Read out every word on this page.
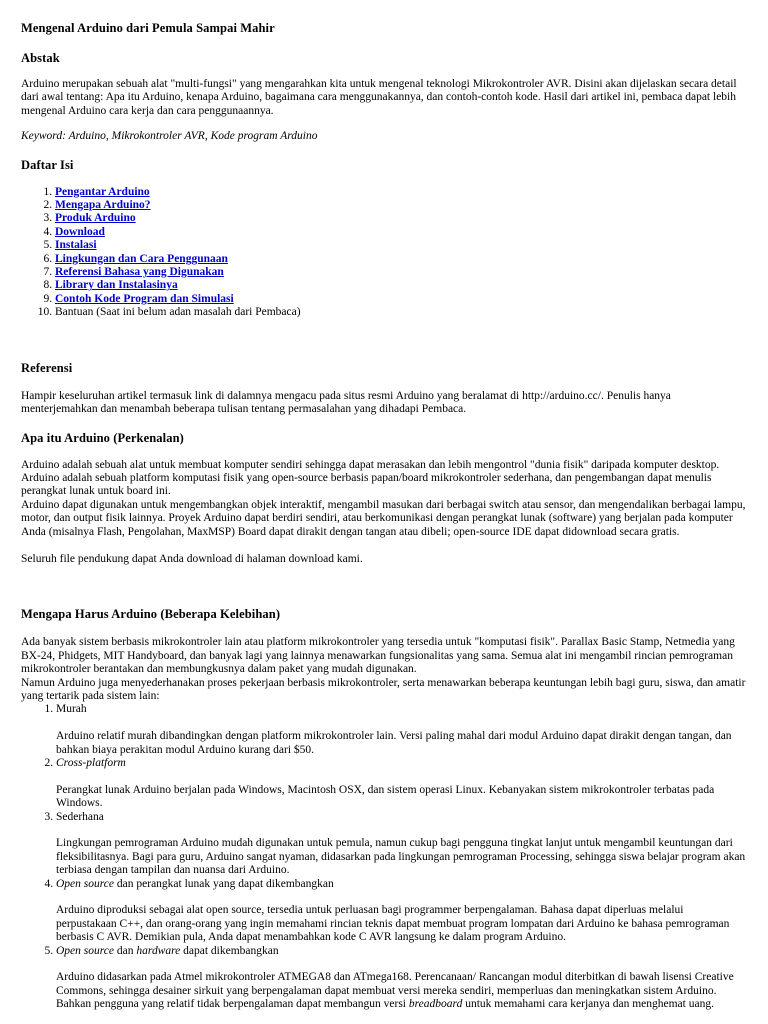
Mengenal Arduino dari Pemula Sampai Mahir
Abstak

Arduino merupakan sebuah alat "multi-fungsi" yang mengarahkan kita untuk mengenal teknologi Mikrokontroler AVR. Disini akan dijelaskan secara detail dari awal tentang: Apa itu Arduino, kenapa Arduino, bagaimana cara menggunakannya, dan contoh-contoh kode. Hasil dari artikel ini, pembaca dapat lebih mengenal Arduino cara kerja dan cara penggunaannya.

Keyword: Arduino, Mikrokontroler AVR, Kode program Arduino

Daftar Isi
1. Pengantar Arduino
2. Mengapa Arduino?
3. Produk Arduino
4. Download
5. Instalasi
6. Lingkungan dan Cara Penggunaan
7. Referensi Bahasa yang Digunakan
8. Library dan Instalasinya
9. Contoh Kode Program dan Simulasi
10. Bantuan (Saat ini belum adan masalah dari Pembaca)
Referensi

Hampir keseluruhan artikel termasuk link di dalamnya mengacu pada situs resmi Arduino yang beralamat di http://arduino.cc/. Penulis hanya menterjemahkan dan menambah beberapa tulisan tentang permasalahan yang dihadapi Pembaca.

Apa itu Arduino (Perkenalan)

Arduino adalah sebuah alat untuk membuat komputer sendiri sehingga dapat merasakan dan lebih mengontrol "dunia fisik" daripada komputer desktop. Arduino adalah sebuah platform komputasi fisik yang open-source berbasis papan/board mikrokontroler sederhana, dan pengembangan dapat menulis perangkat lunak untuk board ini.

Arduino dapat digunakan untuk mengembangkan objek interaktif, mengambil masukan dari berbagai switch atau sensor, dan mengendalikan berbagai lampu, motor, dan output fisik lainnya. Proyek Arduino dapat berdiri sendiri, atau berkomunikasi dengan perangkat lunak (software) yang berjalan pada komputer Anda (misalnya Flash, Pengolahan, MaxMSP) Board dapat dirakit dengan tangan atau dibeli; open-source IDE dapat didownload secara gratis.

Seluruh file pendukung dapat Anda download di halaman download kami.

Mengapa Harus Arduino (Beberapa Kelebihan)

Ada banyak sistem berbasis mikrokontroler lain atau platform mikrokontroler yang tersedia untuk "komputasi fisik". Parallax Basic Stamp, Netmedia yang BX-24, Phidgets, MIT Handyboard, dan banyak lagi yang lainnya menawarkan fungsionalitas yang sama. Semua alat ini mengambil rincian pemrograman mikrokontroler berantakan dan membungkusnya dalam paket yang mudah digunakan.

Namun Arduino juga menyederhanakan proses pekerjaan berbasis mikrokontroler, serta menawarkan beberapa keuntungan lebih bagi guru, siswa, dan amatir yang tertarik pada sistem lain:

1. Murah
Arduino relatif murah dibandingkan dengan platform mikrokontroler lain. Versi paling mahal dari modul Arduino dapat dirakit dengan tangan, dan bahkan biaya perakitan modul Arduino kurang dari $50.
2. Cross-platform
Perangkat lunak Arduino berjalan pada Windows, Macintosh OSX, dan sistem operasi Linux. Kebanyakan sistem mikrokontroler terbatas pada Windows.
3. Sederhana
Lingkungan pemrograman Arduino mudah digunakan untuk pemula, namun cukup bagi pengguna tingkat lanjut untuk mengambil keuntungan dari fleksibilitasnya. Bagi para guru, Arduino sangat nyaman, didasarkan pada lingkungan pemrograman Processing, sehingga siswa belajar program akan terbiasa dengan tampilan dan nuansa dari Arduino.
4. Open source dan perangkat lunak yang dapat dikembangkan
Arduino diproduksi sebagai alat open source, tersedia untuk perluasan bagi programmer berpengalaman. Bahasa dapat diperluas melalui perpustakaan C++, dan orang-orang yang ingin memahami rincian teknis dapat membuat program lompatan dari Arduino ke bahasa pemrograman berbasis C AVR. Demikian pula, Anda dapat menambahkan kode C AVR langsung ke dalam program Arduino.
5. Open source dan hardware dapat dikembangkan
Arduino didasarkan pada Atmel mikrokontroler ATMEGA8 dan ATmega168. Perencanaan/ Rancangan modul diterbitkan di bawah lisensi Creative Commons, sehingga desainer sirkuit yang berpengalaman dapat membuat versi mereka sendiri, memperluas dan meningkatkan sistem Arduino. Bahkan pengguna yang relatif tidak berpengalaman dapat membangun versi breadboard untuk memahami cara kerjanya dan menghemat uang.
